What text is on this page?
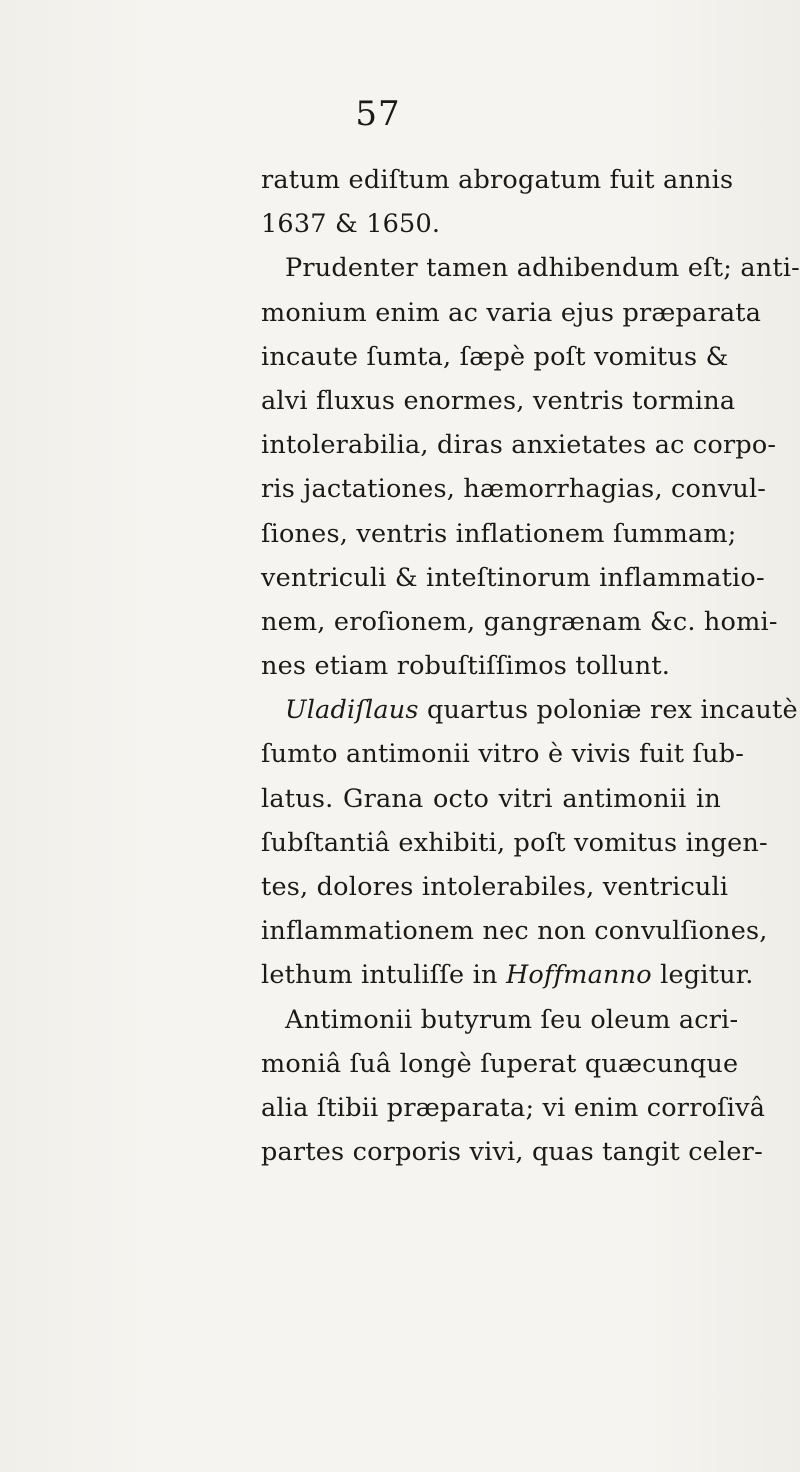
57
ratum ediſtum abrogatum fuit annis
1637 & 1650.
Prudenter tamen adhibendum eſt; anti-
monium enim ac varia ejus præparata
incaute ſumta, ſæpè poſt vomitus &
alvi fluxus enormes, ventris tormina
intolerabilia, diras anxietates ac corpo-
ris jactationes, hæmorrhagias, convul-
ſiones, ventris inflationem ſummam;
ventriculi & inteſtinorum inflammatio-
nem, eroſionem, gangrænam &c. homi-
nes etiam robuſtiſſimos tollunt.
Uladiſlaus quartus poloniæ rex incautè
ſumto antimonii vitro è vivis fuit ſub-
latus. Grana octo vitri antimonii in
ſubſtantiâ exhibiti, poſt vomitus ingen-
tes, dolores intolerabiles, ventriculi
inflammationem nec non convulſiones,
lethum intuliſſe in Hoffmanno legitur.
Antimonii butyrum ſeu oleum acri-
moniâ ſuâ longè ſuperat quæcunque
alia ſtibii præparata; vi enim corroſivâ
partes corporis vivi, quas tangit celer-
